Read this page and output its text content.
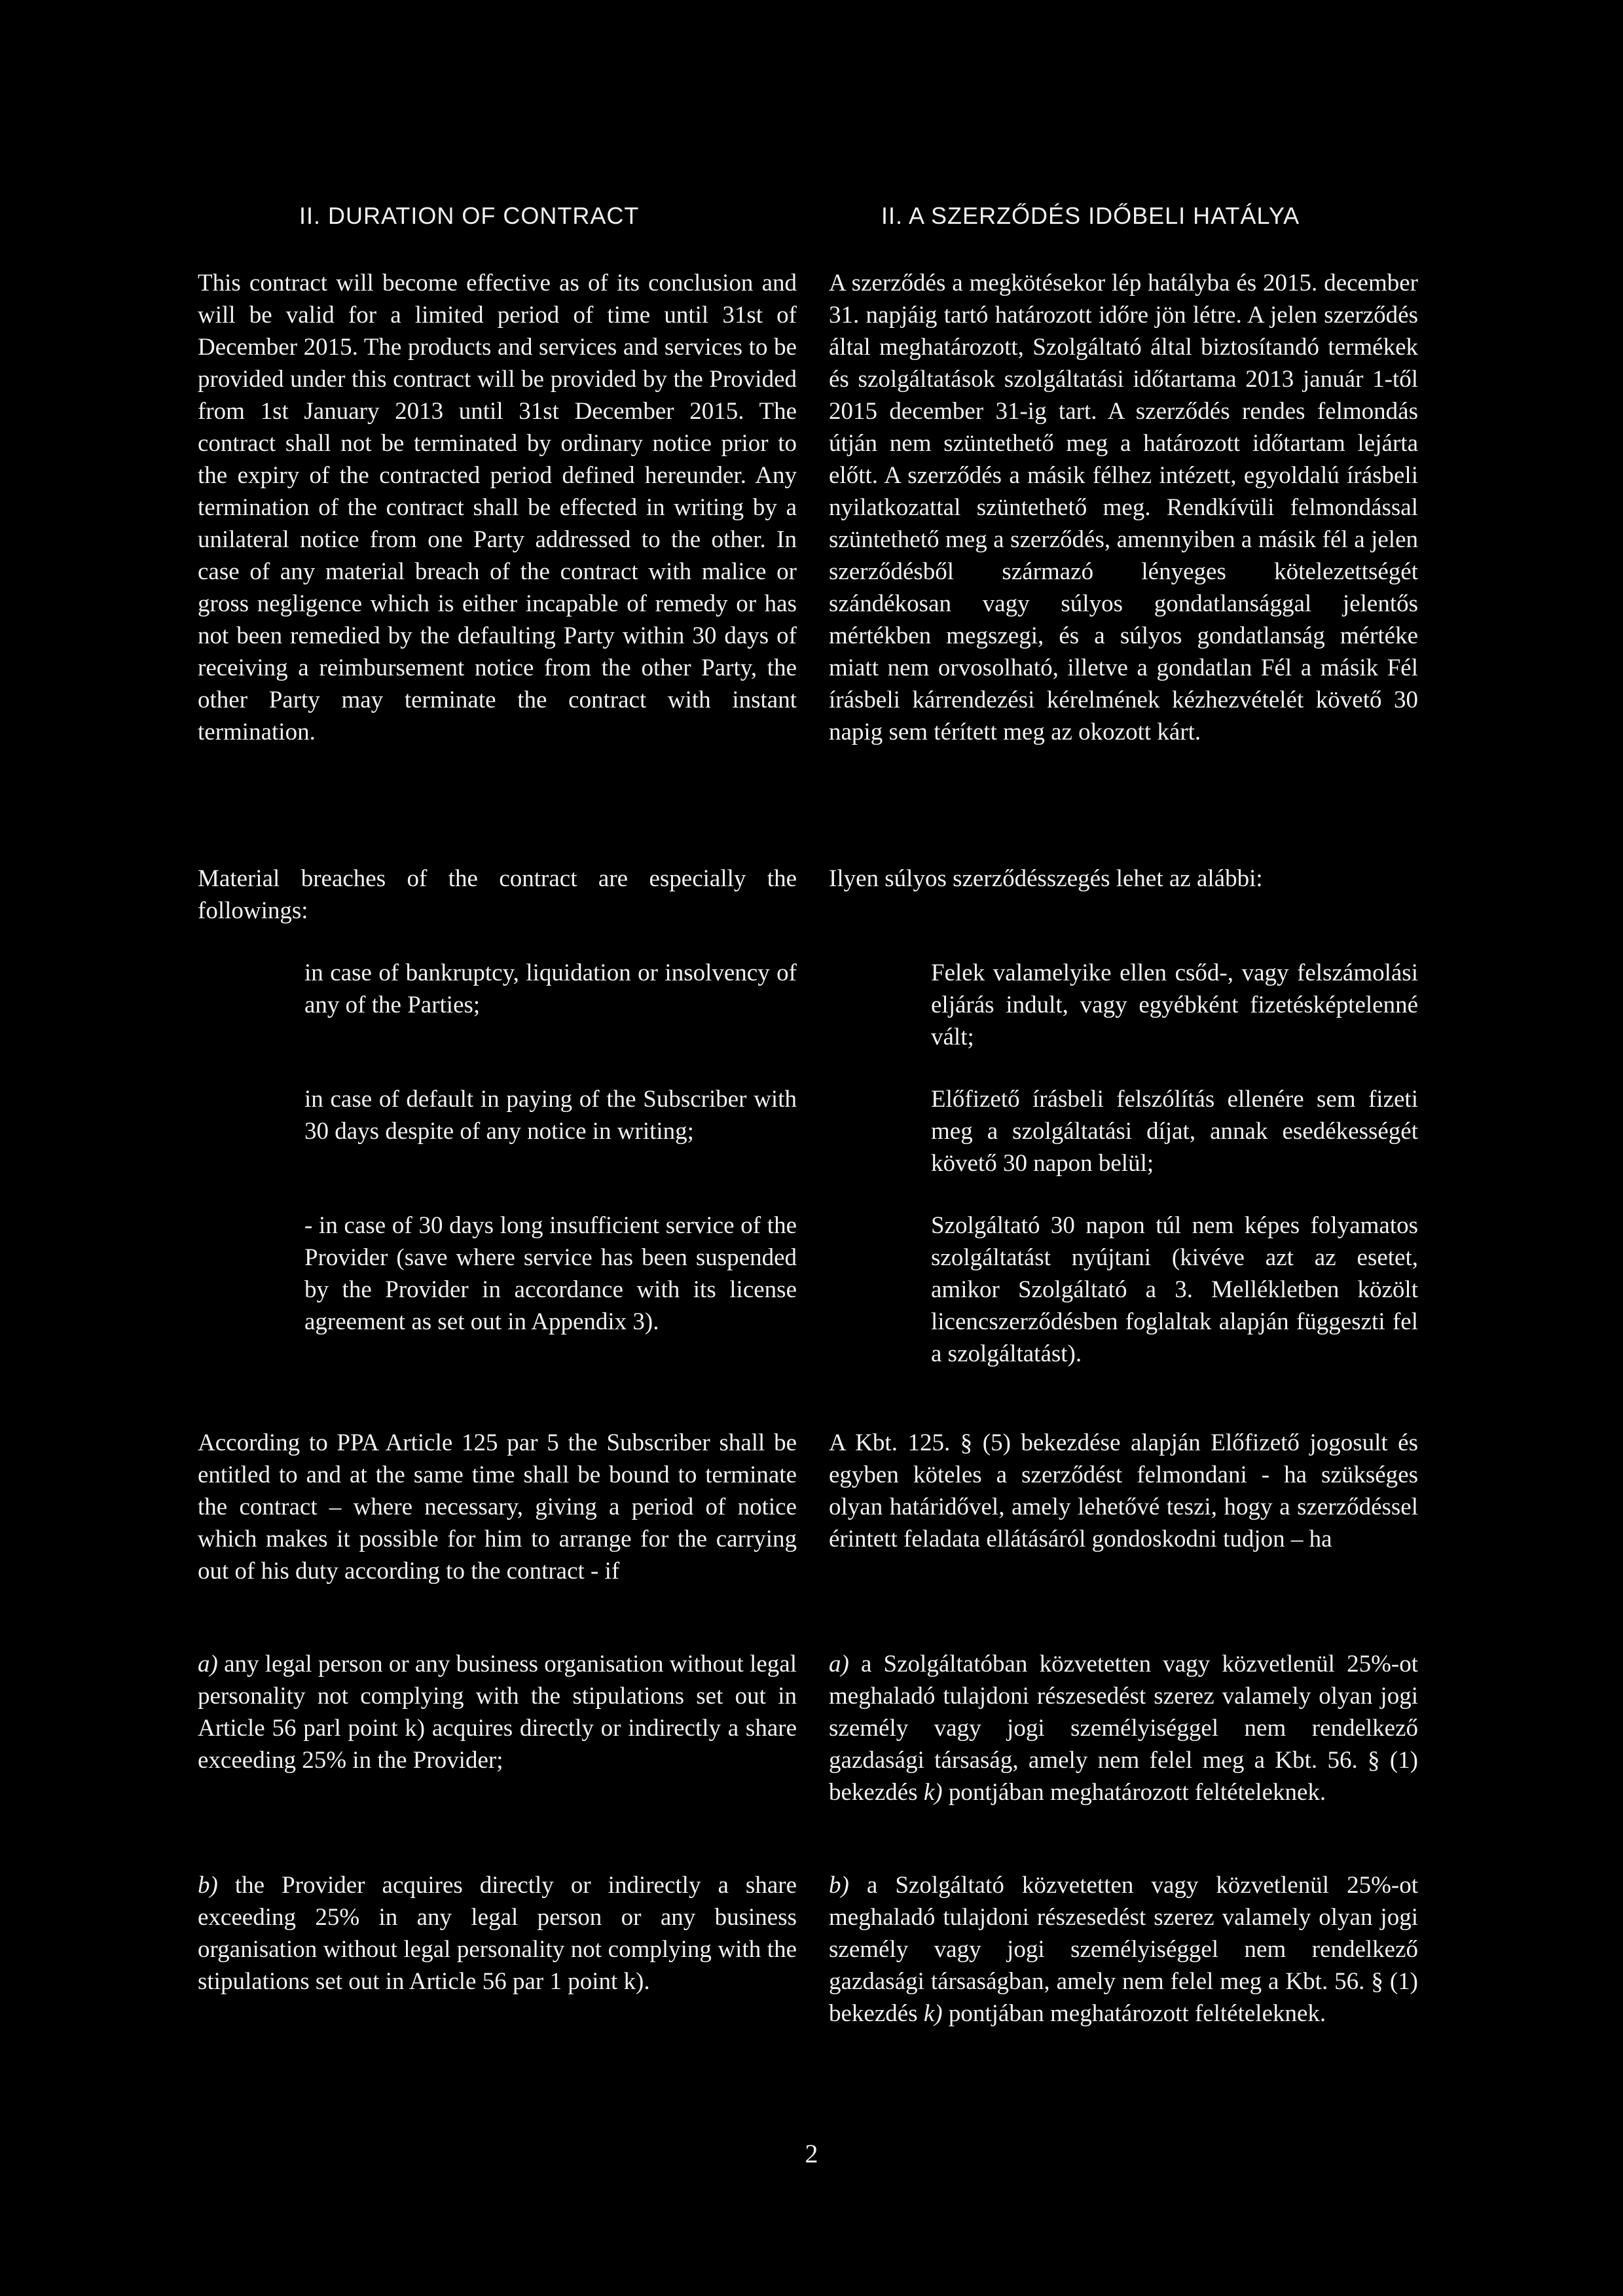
II. DURATION OF CONTRACT

This contract will become effective as of its conclusion and will be valid for a limited period of time until 31st of December 2015. The products and services and services to be provided under this contract will be provided by the Provided from 1st January 2013 until 31st December 2015. The contract shall not be terminated by ordinary notice prior to the expiry of the contracted period defined hereunder. Any termination of the contract shall be effected in writing by a unilateral notice from one Party addressed to the other. In case of any material breach of the contract with malice or gross negligence which is either incapable of remedy or has not been remedied by the defaulting Party within 30 days of receiving a reimbursement notice from the other Party, the other Party may terminate the contract with instant termination.

Material breaches of the contract are especially the followings:

in case of bankruptcy, liquidation or insolvency of any of the Parties;

in case of default in paying of the Subscriber with 30 days despite of any notice in writing;

- in case of 30 days long insufficient service of the Provider (save where service has been suspended by the Provider in accordance with its license agreement as set out in Appendix 3).

According to PPA Article 125 par 5 the Subscriber shall be entitled to and at the same time shall be bound to terminate the contract – where necessary, giving a period of notice which makes it possible for him to arrange for the carrying out of his duty according to the contract - if

a) any legal person or any business organisation without legal personality not complying with the stipulations set out in Article 56 parl point k) acquires directly or indirectly a share exceeding 25% in the Provider;

b) the Provider acquires directly or indirectly a share exceeding 25% in any legal person or any business organisation without legal personality not complying with the stipulations set out in Article 56 par 1 point k).

II. A SZERZŐDÉS IDŐBELI HATÁLYA

A szerződés a megkötésekor lép hatályba és 2015. december 31. napjáig tartó határozott időre jön létre. A jelen szerződés által meghatározott, Szolgáltató által biztosítandó termékek és szolgáltatások szolgáltatási időtartama 2013 január 1-től 2015 december 31-ig tart. A szerződés rendes felmondás útján nem szüntethető meg a határozott időtartam lejárta előtt. A szerződés a másik félhez intézett, egyoldalú írásbeli nyilatkozattal szüntethető meg. Rendkívüli felmondással szüntethető meg a szerződés, amennyiben a másik fél a jelen szerződésből származó lényeges kötelezettségét szándékosan vagy súlyos gondatlansággal jelentős mértékben megszegi, és a súlyos gondatlanság mértéke miatt nem orvosolható, illetve a gondatlan Fél a másik Fél írásbeli kárrendezési kérelmének kézhezvételét követő 30 napig sem térített meg az okozott kárt.

Ilyen súlyos szerződésszegés lehet az alábbi:

Felek valamelyike ellen csőd-, vagy felszámolási eljárás indult, vagy egyébként fizetésképtelenné vált;

Előfizető írásbeli felszólítás ellenére sem fizeti meg a szolgáltatási díjat, annak esedékességét követő 30 napon belül;

Szolgáltató 30 napon túl nem képes folyamatos szolgáltatást nyújtani (kivéve azt az esetet, amikor Szolgáltató a 3. Mellékletben közölt licencszerződésben foglaltak alapján függeszti fel a szolgáltatást).

A Kbt. 125. § (5) bekezdése alapján Előfizető jogosult és egyben köteles a szerződést felmondani - ha szükséges olyan határidővel, amely lehetővé teszi, hogy a szerződéssel érintett feladata ellátásáról gondoskodni tudjon – ha

a) a Szolgáltatóban közvetetten vagy közvetlenül 25%-ot meghaladó tulajdoni részesedést szerez valamely olyan jogi személy vagy jogi személyiséggel nem rendelkező gazdasági társaság, amely nem felel meg a Kbt. 56. § (1) bekezdés k) pontjában meghatározott feltételeknek.

b) a Szolgáltató közvetetten vagy közvetlenül 25%-ot meghaladó tulajdoni részesedést szerez valamely olyan jogi személy vagy jogi személyiséggel nem rendelkező gazdasági társaságban, amely nem felel meg a Kbt. 56. § (1) bekezdés k) pontjában meghatározott feltételeknek.

2
